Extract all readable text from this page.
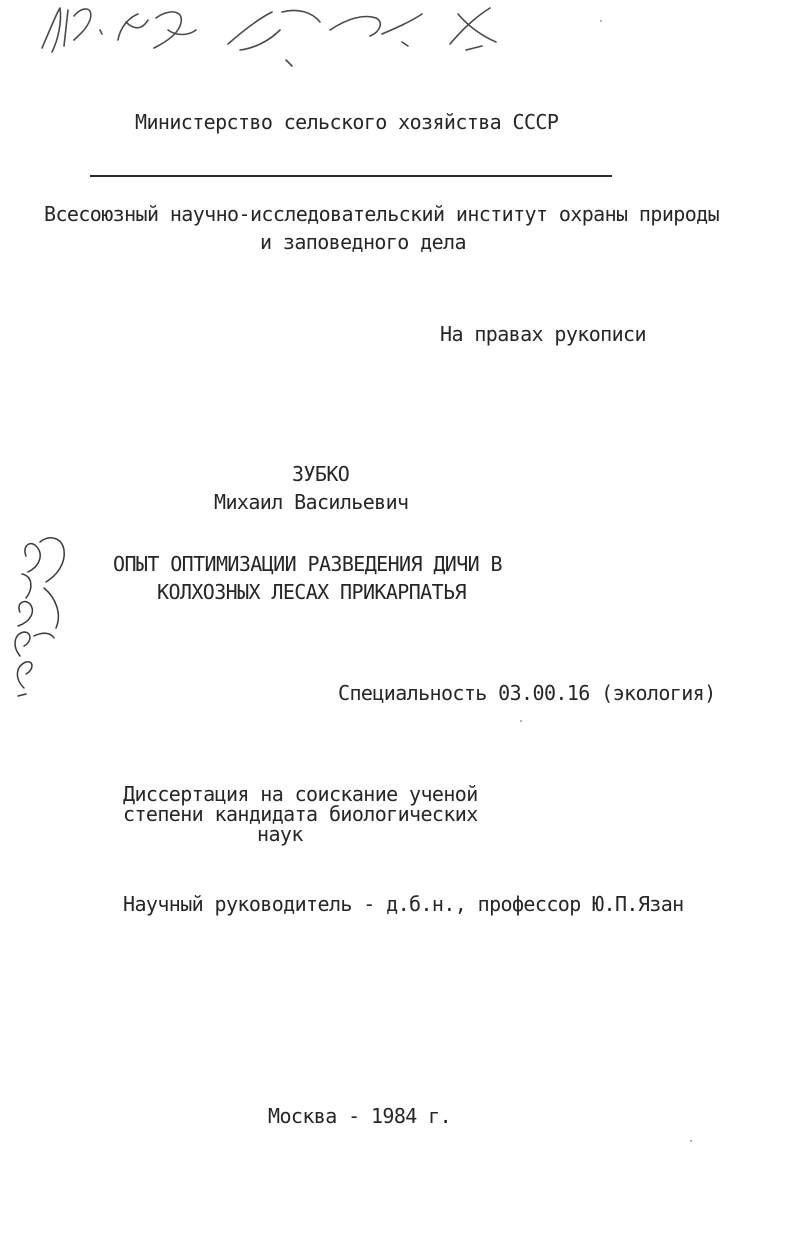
Министерство сельского хозяйства СССР
Всесоюзный научно-исследовательский институт охраны природы
и заповедного дела
На правах рукописи
ЗУБКО
Михаил Васильевич
ОПЫТ ОПТИМИЗАЦИИ РАЗВЕДЕНИЯ ДИЧИ В
КОЛХОЗНЫХ ЛЕСАХ ПРИКАРПАТЬЯ
Специальность 03.00.16 (экология)
Диссертация на соискание ученой
степени кандидата биологических
наук
Научный руководитель - д.б.н., профессор Ю.П.Язан
Москва - 1984 г.
